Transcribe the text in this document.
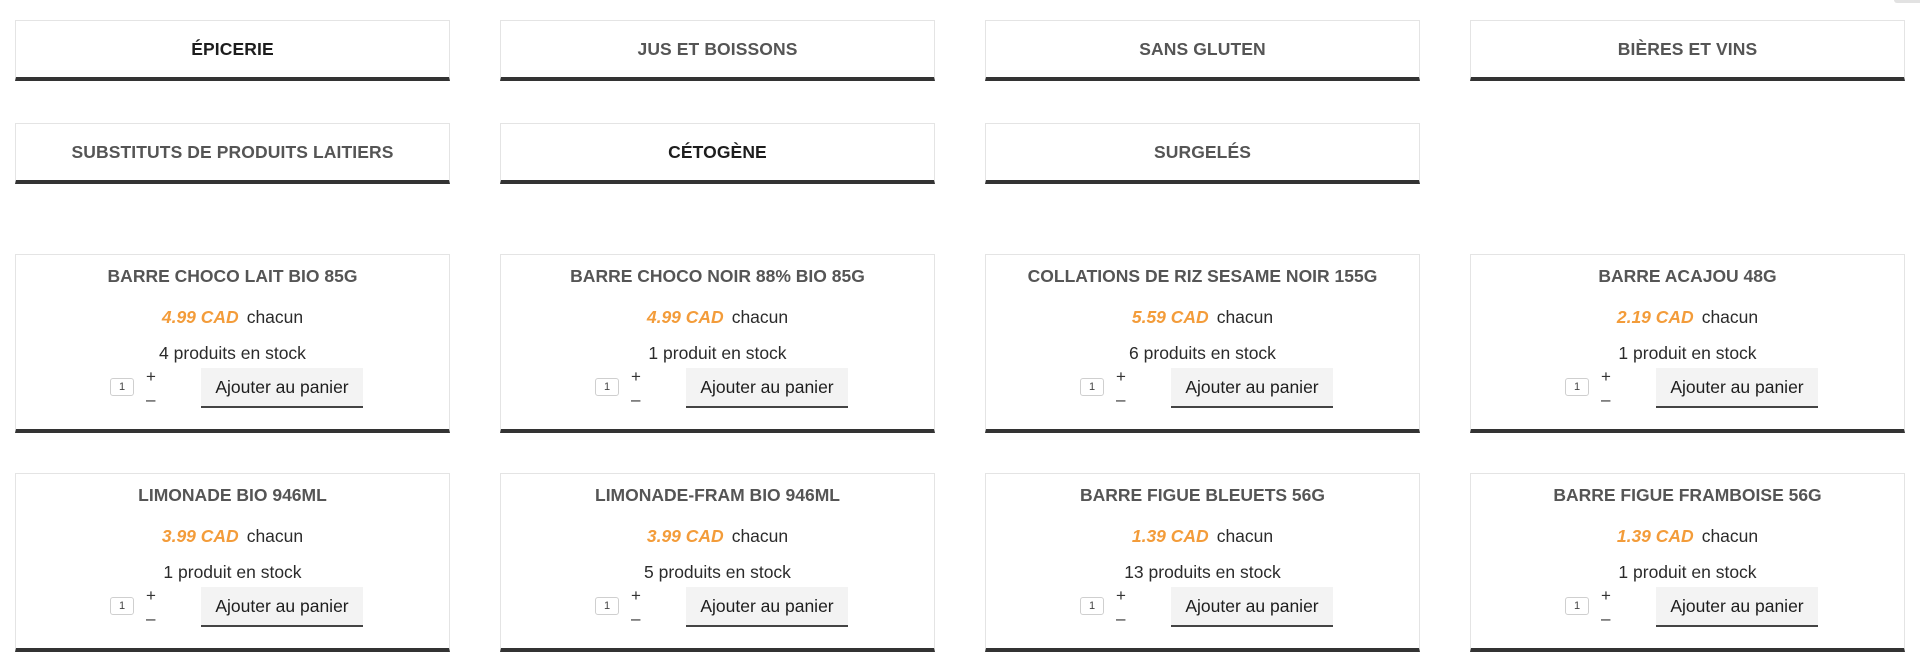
ÉPICERIE	JUS ET BOISSONS	SANS GLUTEN	BIÈRES ET VINS
SUBSTITUTS DE PRODUITS LAITIERS	CÉTOGÈNE	SURGELÉS
BARRE CHOCO LAIT BIO 85G
4.99 CAD chacun
4 produits en stock
1
+
–
Ajouter au panier
BARRE CHOCO NOIR 88% BIO 85G
4.99 CAD chacun
1 produit en stock
1
+
–
Ajouter au panier
COLLATIONS DE RIZ SESAME NOIR 155G
5.59 CAD chacun
6 produits en stock
1
+
–
Ajouter au panier
BARRE ACAJOU 48G
2.19 CAD chacun
1 produit en stock
1
+
–
Ajouter au panier
LIMONADE BIO 946ML
3.99 CAD chacun
1 produit en stock
1
+
–
Ajouter au panier
LIMONADE-FRAM BIO 946ML
3.99 CAD chacun
5 produits en stock
1
+
–
Ajouter au panier
BARRE FIGUE BLEUETS 56G
1.39 CAD chacun
13 produits en stock
1
+
–
Ajouter au panier
BARRE FIGUE FRAMBOISE 56G
1.39 CAD chacun
1 produit en stock
1
+
–
Ajouter au panier
